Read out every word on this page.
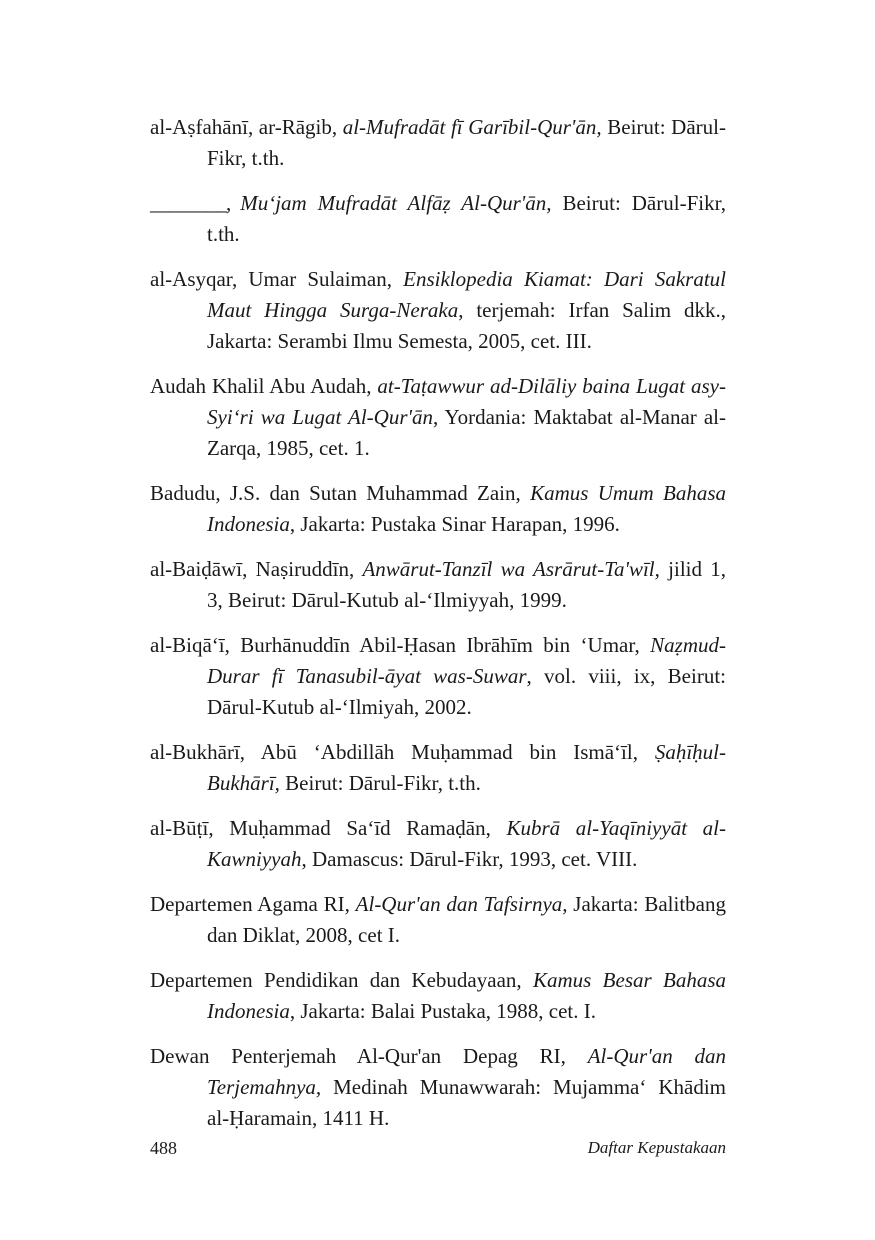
al-Aṣfahānī, ar-Rāgib, al-Mufradāt fī Garībil-Qur'ān, Beirut: Dārul-Fikr, t.th.

________, Mu‘jam Mufradāt Alfāẓ Al-Qur'ān, Beirut: Dārul-Fikr, t.th.

al-Asyqar, Umar Sulaiman, Ensiklopedia Kiamat: Dari Sakratul Maut Hingga Surga-Neraka, terjemah: Irfan Salim dkk., Jakarta: Serambi Ilmu Semesta, 2005, cet. III.

Audah Khalil Abu Audah, at-Taṭawwur ad-Dilāliy baina Lugat asy-Syi‘ri wa Lugat Al-Qur'ān, Yordania: Maktabat al-Manar al-Zarqa, 1985, cet. 1.

Badudu, J.S. dan Sutan Muhammad Zain, Kamus Umum Bahasa Indonesia, Jakarta: Pustaka Sinar Harapan, 1996.

al-Baiḍāwī, Naṣiruddīn, Anwārut-Tanzīl wa Asrārut-Ta'wīl, jilid 1, 3, Beirut: Dārul-Kutub al-‘Ilmiyyah, 1999.

al-Biqā‘ī, Burhānuddīn Abil-Ḥasan Ibrāhīm bin ‘Umar, Naẓmud-Durar fī Tanasubil-āyat was-Suwar, vol. viii, ix, Beirut: Dārul-Kutub al-‘Ilmiyah, 2002.

al-Bukhārī, Abū ‘Abdillāh Muḥammad bin Ismā‘īl, Ṣaḥīḥul-Bukhārī, Beirut: Dārul-Fikr, t.th.

al-Būṭī, Muḥammad Sa‘īd Ramaḍān, Kubrā al-Yaqīniyyāt al-Kawniyyah, Damascus: Dārul-Fikr, 1993, cet. VIII.

Departemen Agama RI, Al-Qur'an dan Tafsirnya, Jakarta: Balitbang dan Diklat, 2008, cet I.

Departemen Pendidikan dan Kebudayaan, Kamus Besar Bahasa Indonesia, Jakarta: Balai Pustaka, 1988, cet. I.

Dewan Penterjemah Al-Qur'an Depag RI, Al-Qur'an dan Terjemahnya, Medinah Munawwarah: Mujamma‘ Khādim al-Ḥaramain, 1411 H.

488	Daftar Kepustakaan
